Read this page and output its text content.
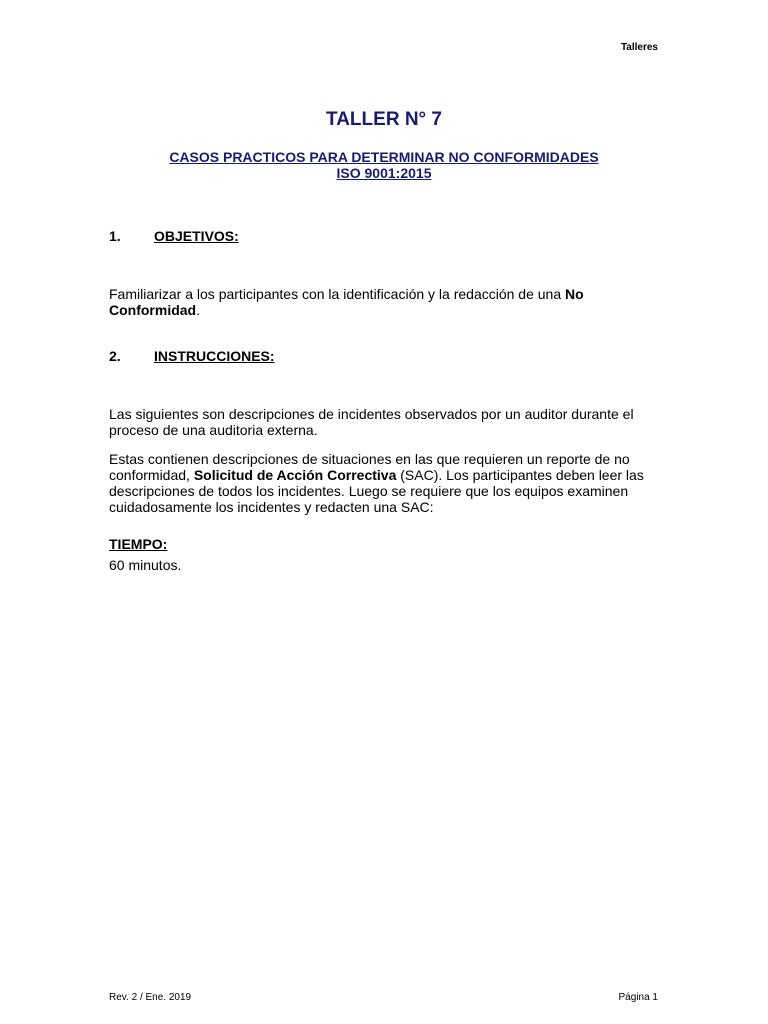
Talleres
TALLER N° 7
CASOS PRACTICOS PARA DETERMINAR NO CONFORMIDADES
ISO 9001:2015
1. OBJETIVOS:
Familiarizar a los participantes con la identificación y la redacción de una No Conformidad.
2. INSTRUCCIONES:
Las siguientes son descripciones de incidentes observados por un auditor durante el proceso de una auditoria externa.
Estas contienen descripciones de situaciones en las que requieren un reporte de no conformidad, Solicitud de Acción Correctiva (SAC). Los participantes deben leer las descripciones de todos los incidentes. Luego se requiere que los equipos examinen cuidadosamente los incidentes y redacten una SAC:
TIEMPO:
60 minutos.
Rev. 2 / Ene. 2019	Página 1
